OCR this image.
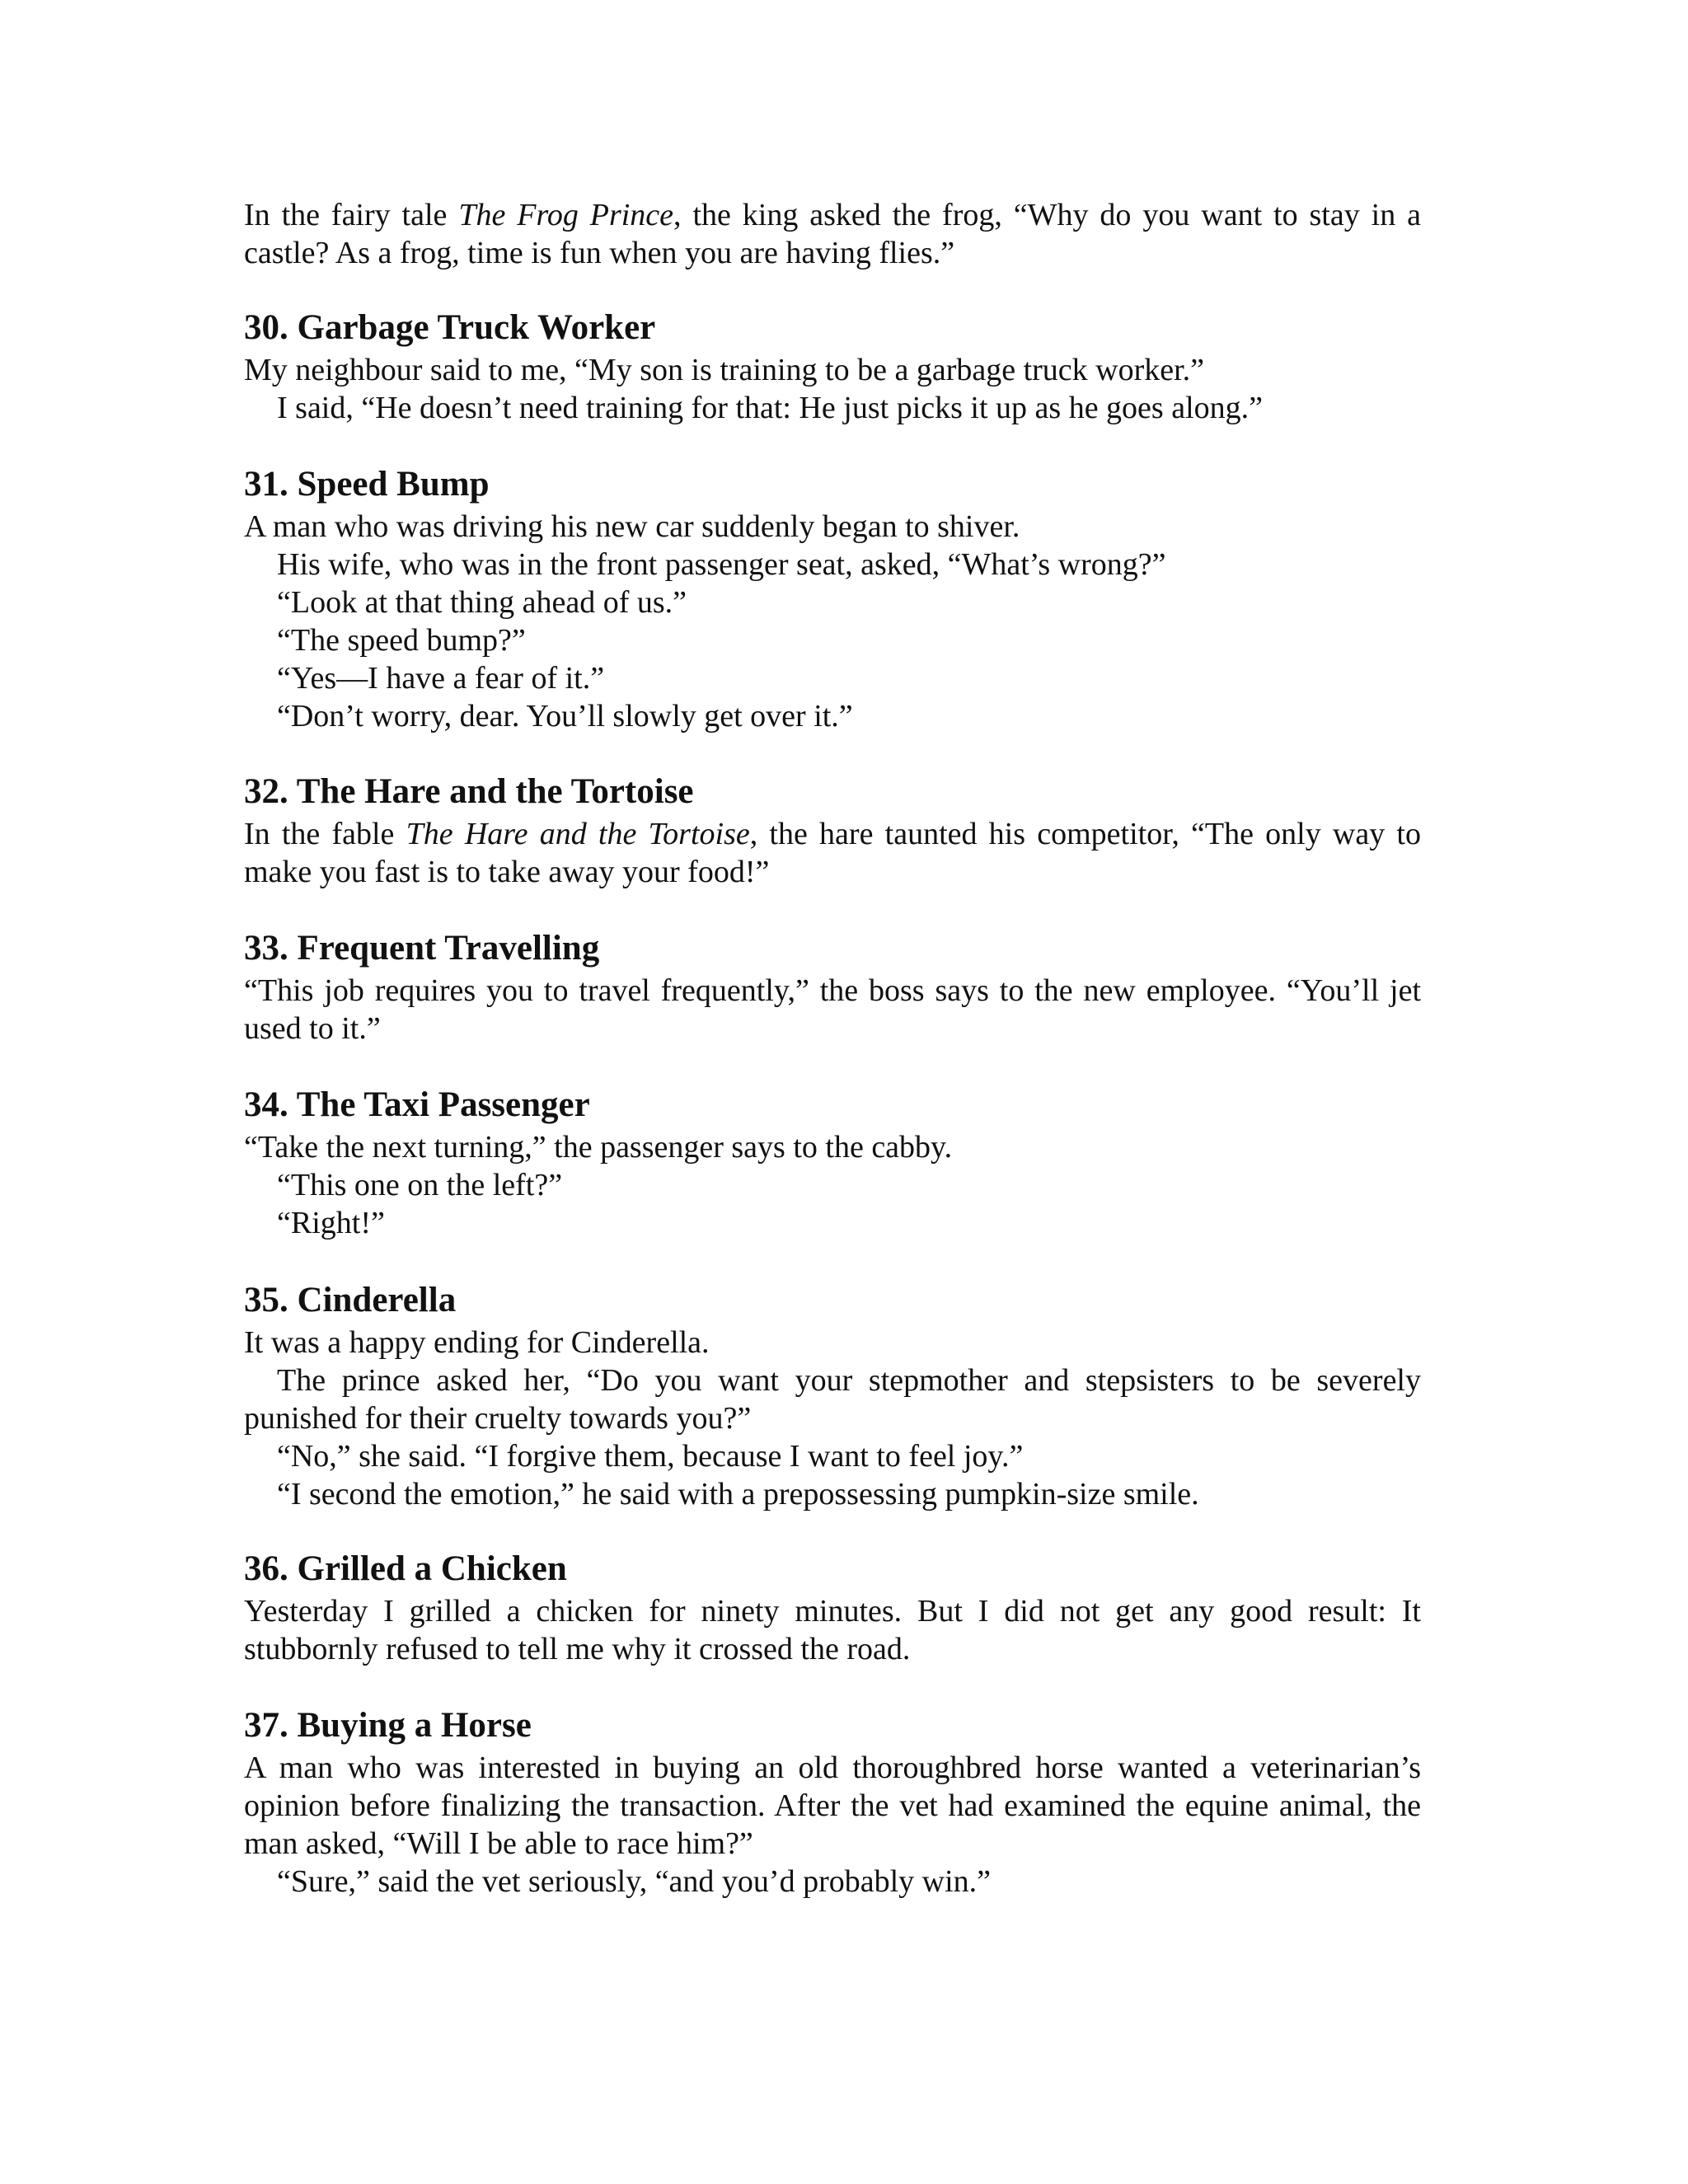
In the fairy tale The Frog Prince, the king asked the frog, “Why do you want to stay in a castle? As a frog, time is fun when you are having flies.”

30. Garbage Truck Worker

My neighbour said to me, “My son is training to be a garbage truck worker.”

I said, “He doesn’t need training for that: He just picks it up as he goes along.”

31. Speed Bump

A man who was driving his new car suddenly began to shiver.

His wife, who was in the front passenger seat, asked, “What’s wrong?”

“Look at that thing ahead of us.”

“The speed bump?”

“Yes—I have a fear of it.”

“Don’t worry, dear. You’ll slowly get over it.”

32. The Hare and the Tortoise

In the fable The Hare and the Tortoise, the hare taunted his competitor, “The only way to make you fast is to take away your food!”

33. Frequent Travelling

“This job requires you to travel frequently,” the boss says to the new employee. “You’ll jet used to it.”

34. The Taxi Passenger

“Take the next turning,” the passenger says to the cabby.

“This one on the left?”

“Right!”

35. Cinderella

It was a happy ending for Cinderella.

The prince asked her, “Do you want your stepmother and stepsisters to be severely punished for their cruelty towards you?”

“No,” she said. “I forgive them, because I want to feel joy.”

“I second the emotion,” he said with a prepossessing pumpkin-size smile.

36. Grilled a Chicken

Yesterday I grilled a chicken for ninety minutes. But I did not get any good result: It stubbornly refused to tell me why it crossed the road.

37. Buying a Horse

A man who was interested in buying an old thoroughbred horse wanted a veterinarian’s opinion before finalizing the transaction. After the vet had examined the equine animal, the man asked, “Will I be able to race him?”

“Sure,” said the vet seriously, “and you’d probably win.”
